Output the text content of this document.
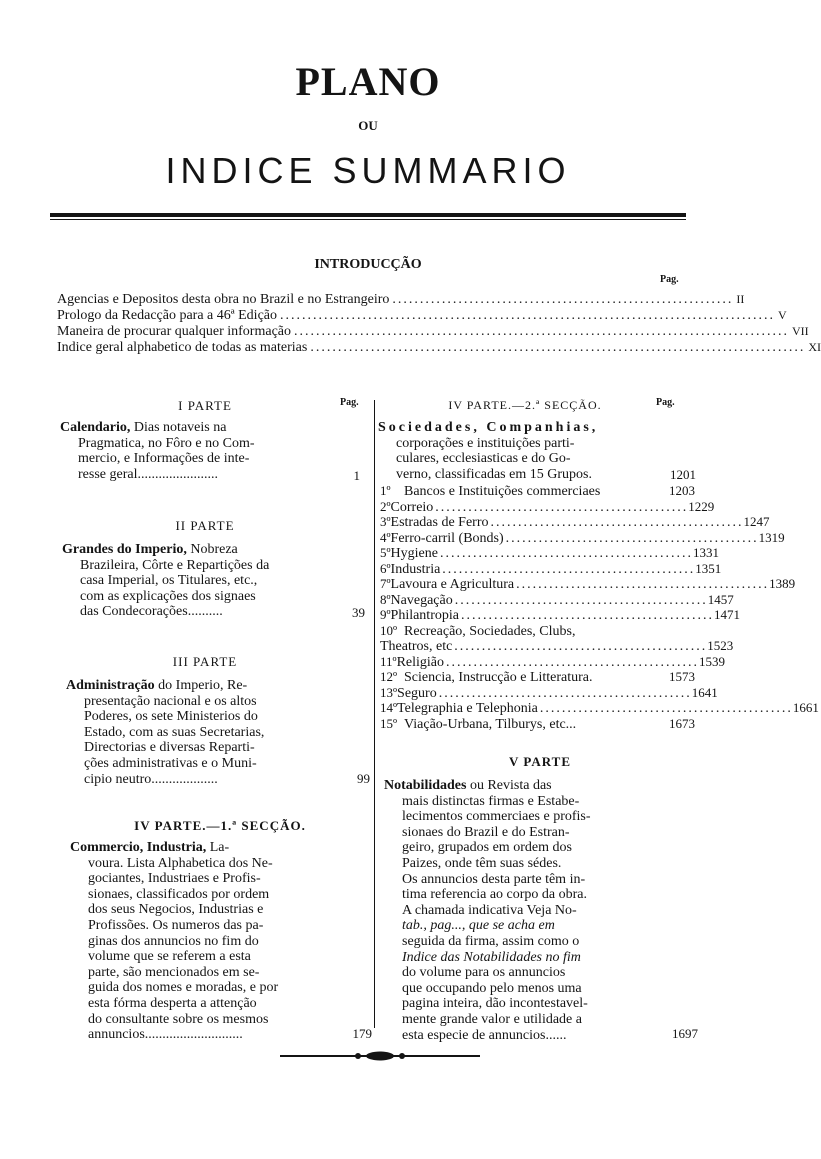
PLANO
OU
INDICE SUMMARIO
INTRODUCÇÃO
Pag.
Agencias e Depositos desta obra no Brazil e no Estrangeiro .............................................................. II
Prologo da Redacção para a 46ª Edição .......................................................................................... V
Maneira de procurar qualquer informação .......................................................................................... VII
Indice geral alphabetico de todas as materias .......................................................................................... XI
Pag.
I PARTE
Calendario, Dias notaveis na
Pragmatica, no Fôro e no Com-
mercio, e Informações de inte-
resse geral.......................	1
II PARTE
Grandes do Imperio, Nobreza
Brazileira, Côrte e Repartições da
casa Imperial, os Titulares, etc.,
com as explicações dos signaes
das Condecorações..........	39
III PARTE
Administração do Imperio, Re-
presentação nacional e os altos
Poderes, os sete Ministerios do
Estado, com as suas Secretarias,
Directorias e diversas Reparti-
ções administrativas e o Muni-
cipio neutro...................	99
IV PARTE.—1.ª SECÇÃO.
Commercio, Industria, La-
voura. Lista Alphabetica dos Ne-
gociantes, Industriaes e Profis-
sionaes, classificados por ordem
dos seus Negocios, Industrias e
Profissões. Os numeros das pa-
ginas dos annuncios no fim do
volume que se referem a esta
parte, são mencionados em se-
guida dos nomes e moradas, e por
esta fórma desperta a attenção
do consultante sobre os mesmos
annuncios............................	179
IV PARTE.—2.ª SECÇÃO.	Pag.
Sociedades, Companhias,
corporações e instituições parti-
culares, ecclesiasticas e do Go-
verno, classificadas em 15 Grupos.	1201
1º Bancos e Instituições commerciaes	1203
2º Correio .............................................. 1229
3º Estradas de Ferro .............................................. 1247
4º Ferro-carril (Bonds) .............................................. 1319
5º Hygiene .............................................. 1331
6º Industria .............................................. 1351
7º Lavoura e Agricultura .............................................. 1389
8º Navegação .............................................. 1457
9º Philantropia .............................................. 1471
10º Recreação, Sociedades, Clubs,
Theatros, etc .............................................. 1523
11º Religião .............................................. 1539
12º Sciencia, Instrucção e Litteratura.	1573
13º Seguro .............................................. 1641
14º Telegraphia e Telephonia .............................................. 1661
15º Viação-Urbana, Tilburys, etc...	1673
V PARTE
Notabilidades ou Revista das
mais distinctas firmas e Estabe-
lecimentos commerciaes e profis-
sionaes do Brazil e do Estran-
geiro, grupados em ordem dos
Paizes, onde têm suas sédes.
Os annuncios desta parte têm in-
tima referencia ao corpo da obra.
A chamada indicativa Veja No-
tab., pag..., que se acha em
seguida da firma, assim como o
Indice das Notabilidades no fim
do volume para os annuncios
que occupando pelo menos uma
pagina inteira, dão incontestavel-
mente grande valor e utilidade a
esta especie de annuncios......	1697
